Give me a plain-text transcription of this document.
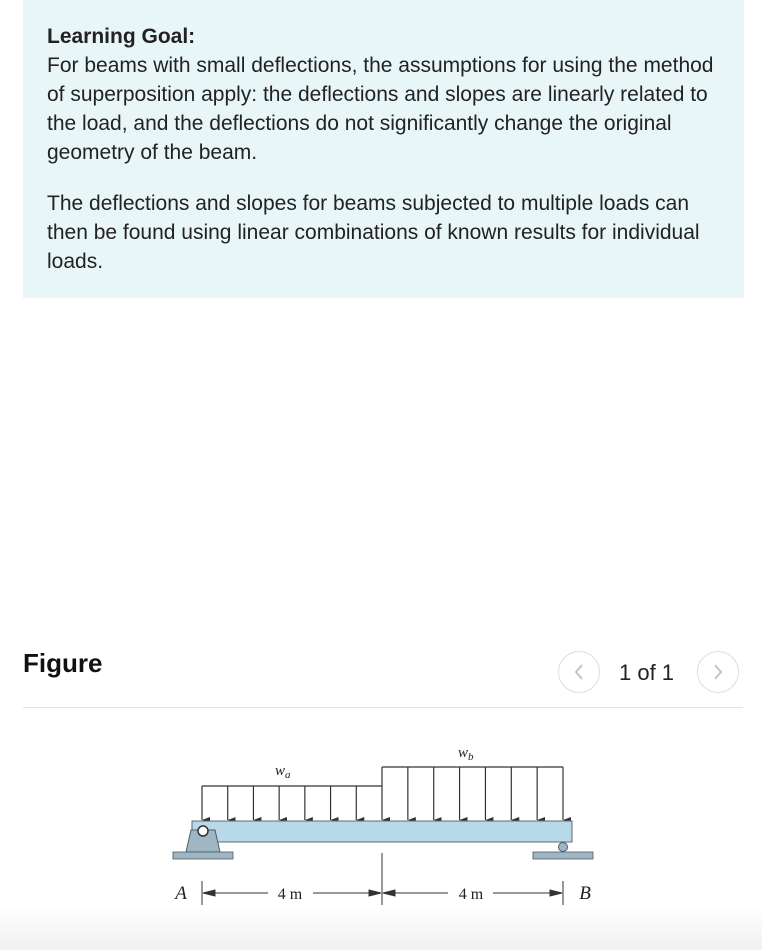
Learning Goal:

For beams with small deflections, the assumptions for using the method of superposition apply: the deflections and slopes are linearly related to the load, and the deflections do not significantly change the original geometry of the beam.

The deflections and slopes for beams subjected to multiple loads can then be found using linear combinations of known results for individual loads.

Figure	1 of 1
$w_a$
$w_b$
4 m	4 m
A	B
